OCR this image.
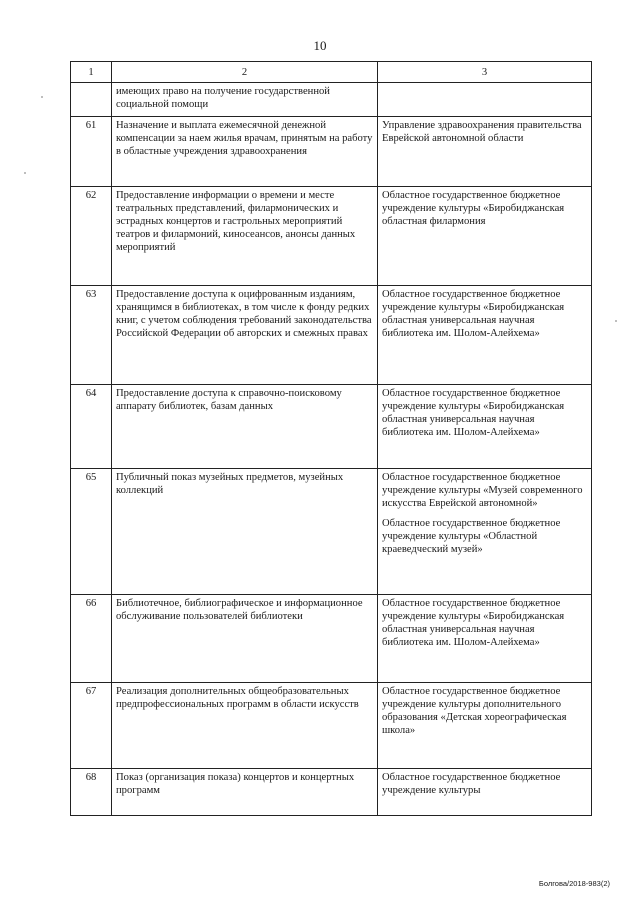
10
1	2	3
	имеющих право на получение государственной социальной помощи	

61	Назначение и выплата ежемесячной денежной компенсации за наем жилья врачам, принятым на работу в областные учреждения здравоохранения	Управление здравоохранения правительства Еврейской автономной области

62	Предоставление информации о времени и месте театральных представлений, филармонических и эстрадных концертов и гастрольных мероприятий театров и филармоний, киносеансов, анонсы данных мероприятий	Областное государственное бюджетное учреждение культуры «Биробиджанская областная филармония

63	Предоставление доступа к оцифрованным изданиям, хранящимся в библиотеках, в том числе к фонду редких книг, с учетом соблюдения требований законодательства Российской Федерации об авторских и смежных правах	Областное государственное бюджетное учреждение культуры «Биробиджанская областная универсальная научная библиотека им. Шолом-Алейхема»

64	Предоставление доступа к справочно-поисковому аппарату библиотек, базам данных	Областное государственное бюджетное учреждение культуры «Биробиджанская областная универсальная научная библиотека им. Шолом-Алейхема»

65	Публичный показ музейных предметов, музейных коллекций	Областное государственное бюджетное учреждение культуры «Музей современного искусства Еврейской автономной»
Областное государственное бюджетное учреждение культуры «Областной краеведческий музей»

66	Библиотечное, библиографическое и информационное обслуживание пользователей библиотеки	Областное государственное бюджетное учреждение культуры «Биробиджанская областная универсальная научная библиотека им. Шолом-Алейхема»

67	Реализация дополнительных общеобразовательных предпрофессиональных программ в области искусств	Областное государственное бюджетное учреждение культуры дополнительного образования «Детская хореографическая школа»

68	Показ (организация показа) концертов и концертных программ	Областное государственное бюджетное учреждение культуры
Болгова/2018-983(2)
